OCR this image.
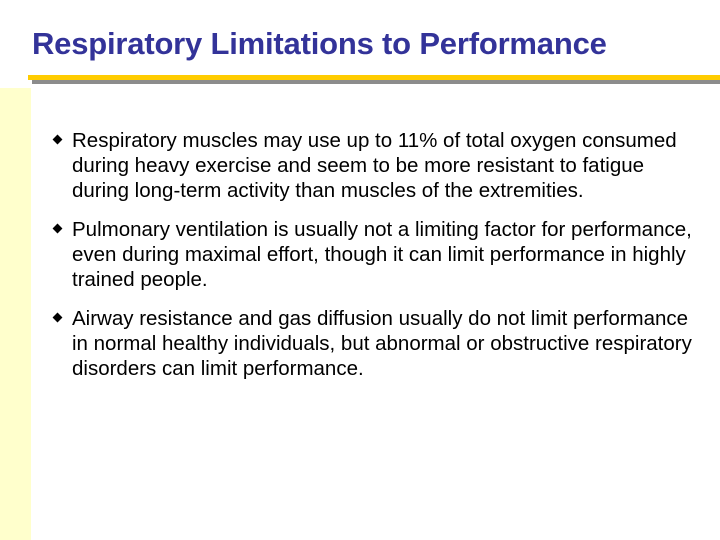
Respiratory Limitations to Performance
Respiratory muscles may use up to 11% of total oxygen consumed during heavy exercise and seem to be more resistant to fatigue during long-term activity than muscles of the extremities.
Pulmonary ventilation is usually not a limiting factor for performance, even during maximal effort, though it can limit performance in highly trained people.
Airway resistance and gas diffusion usually do not limit performance in normal healthy individuals, but abnormal or obstructive respiratory disorders can limit performance.
